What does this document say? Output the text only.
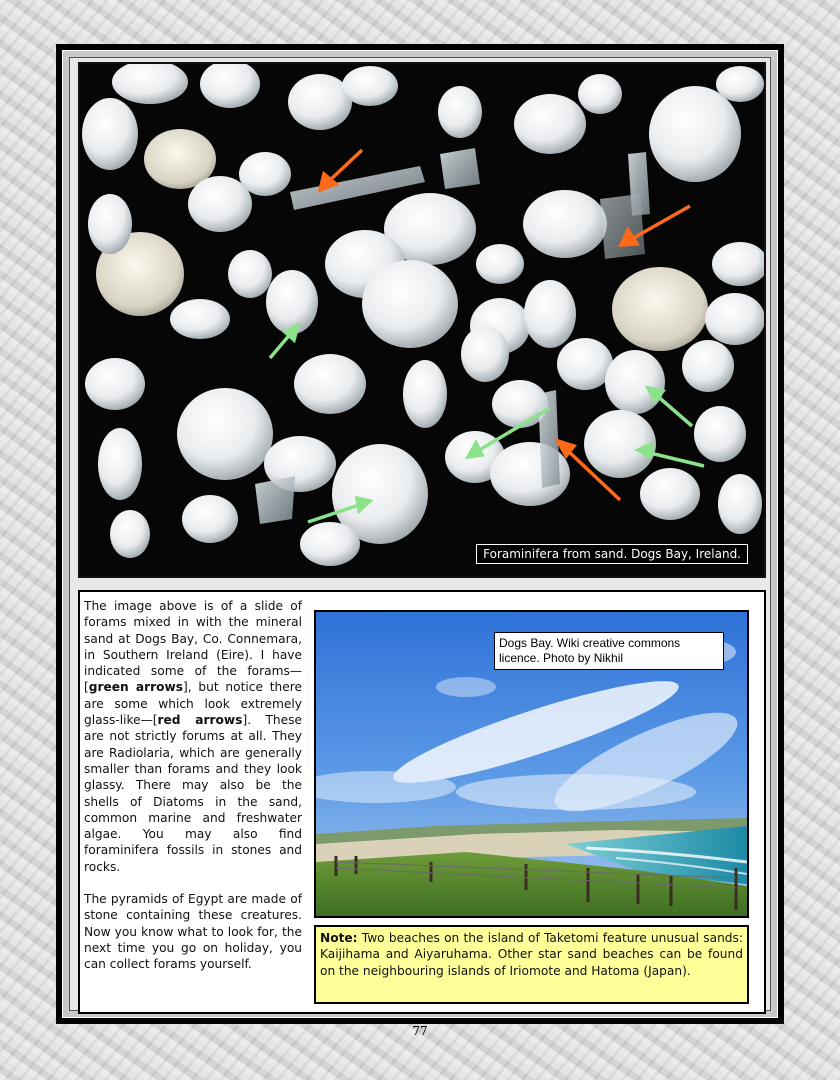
Foraminifera from sand. Dogs Bay, Ireland.

The image above is of a slide of forams mixed in with the mineral sand at Dogs Bay, Co. Connemara, in Southern Ireland (Eire). I have indicated some of the forams—[green arrows], but notice there are some which look extremely glass-like—[red arrows]. These are not strictly forums at all. They are Radiolaria, which are generally smaller than forams and they look glassy. There may also be the shells of Diatoms in the sand, common marine and freshwater algae. You may also find foraminifera fossils in stones and rocks.

The pyramids of Egypt are made of stone containing these creatures. Now you know what to look for, the next time you go on holiday, you can collect forams yourself.

Dogs Bay. Wiki creative commons licence. Photo by Nikhil
Note: Two beaches on the island of Taketomi feature unusual sands: Kaijihama and Aiyaruhama. Other star sand beaches can be found on the neighbouring islands of Iriomote and Hatoma (Japan).
77
